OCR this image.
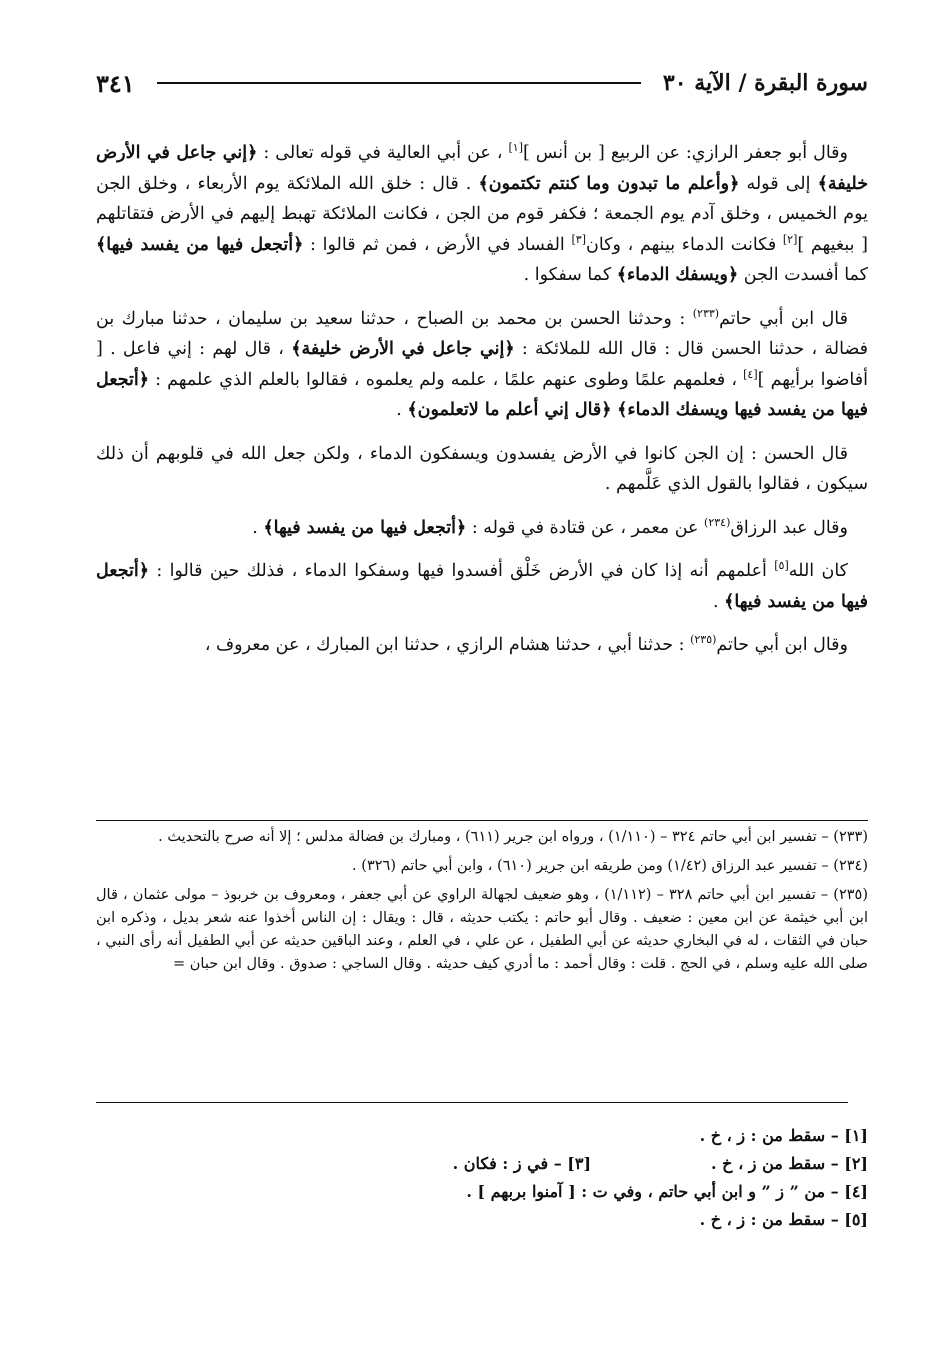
سورة البقرة / الآية ٣٠
٣٤١

وقال أبو جعفر الرازي: عن الربيع [ بن أنس ][١] ، عن أبي العالية في قوله تعالى : ﴿إني جاعل في الأرض خليفة﴾ إلى قوله ﴿وأعلم ما تبدون وما كنتم تكتمون﴾ . قال : خلق الله الملائكة يوم الأربعاء ، وخلق الجن يوم الخميس ، وخلق آدم يوم الجمعة ؛ فكفر قوم من الجن ، فكانت الملائكة تهبط إليهم في الأرض فتقاتلهم [ ببغيهم ][٢] فكانت الدماء بينهم ، وكان[٣] الفساد في الأرض ، فمن ثم قالوا : ﴿أتجعل فيها من يفسد فيها﴾ كما أفسدت الجن ﴿ويسفك الدماء﴾ كما سفكوا .

قال ابن أبي حاتم$^{(٢٣٣)}$ : وحدثنا الحسن بن محمد بن الصباح ، حدثنا سعيد بن سليمان ، حدثنا مبارك بن فضالة ، حدثنا الحسن قال : قال الله للملائكة : ﴿إني جاعل في الأرض خليفة﴾ ، قال لهم : إني فاعل . [ أفاضوا برأيهم ][٤] ، فعلمهم علمًا وطوى عنهم علمًا ، علمه ولم يعلموه ، فقالوا بالعلم الذي علمهم : ﴿أتجعل فيها من يفسد فيها ويسفك الدماء﴾ ﴿قال إني أعلم ما لاتعلمون﴾ .

قال الحسن : إن الجن كانوا في الأرض يفسدون ويسفكون الدماء ، ولكن جعل الله في قلوبهم أن ذلك سيكون ، فقالوا بالقول الذي عَلَّمهم .

وقال عبد الرزاق$^{(٢٣٤)}$ عن معمر ، عن قتادة في قوله : ﴿أتجعل فيها من يفسد فيها﴾ .

كان الله[٥] أعلمهم أنه إذا كان في الأرض خَلْق أفسدوا فيها وسفكوا الدماء ، فذلك حين قالوا : ﴿أتجعل فيها من يفسد فيها﴾ .

وقال ابن أبي حاتم$^{(٢٣٥)}$ : حدثنا أبي ، حدثنا هشام الرازي ، حدثنا ابن المبارك ، عن معروف ،

(٢٣٣) – تفسير ابن أبي حاتم ٣٢٤ – (١/١١٠) ، ورواه ابن جرير (٦١١) ، ومبارك بن فضالة مدلس ؛ إلا أنه صرح بالتحديث .

(٢٣٤) – تفسير عبد الرزاق (١/٤٢) ومن طريقه ابن جرير (٦١٠) ، وابن أبي حاتم (٣٢٦) .

(٢٣٥) – تفسير ابن أبي حاتم ٣٢٨ – (١/١١٢) ، وهو ضعيف لجهالة الراوي عن أبي جعفر ، ومعروف بن خربوذ – مولى عثمان ، قال ابن أبي خيثمة عن ابن معين : ضعيف . وقال أبو حاتم : يكتب حديثه ، قال : ويقال : إن الناس أخذوا عنه شعر بديل ، وذكره ابن حبان في الثقات ، له في البخاري حديثه عن أبي الطفيل ، عن علي ، في العلم ، وعند الباقين حديثه عن أبي الطفيل أنه رأى النبي ، صلى الله عليه وسلم ، في الحج . قلت : وقال أحمد : ما أدري كيف حديثه . وقال الساجي : صدوق . وقال ابن حبان =

[١] – سقط من : ز ، خ .
[٢] – سقط من ز ، خ .
[٣] – في ز : فكان .
[٤] – من ” ز ” و ابن أبي حاتم ، وفي ت : [ آمنوا بربهم ] .
[٥] – سقط من : ز ، خ .
